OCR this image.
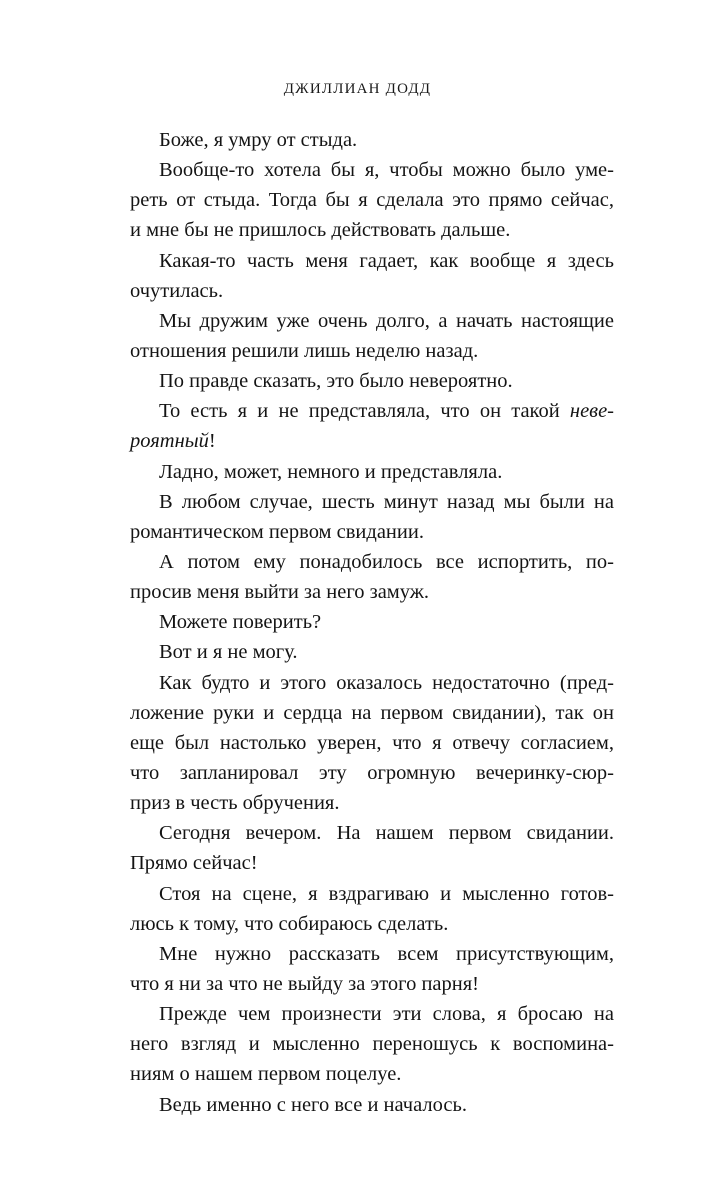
ДЖИЛЛИАН ДОДД
Боже, я умру от стыда.
Вообще-то хотела бы я, чтобы можно было уме-
реть от стыда. Тогда бы я сделала это прямо сейчас,
и мне бы не пришлось действовать дальше.
Какая-то часть меня гадает, как вообще я здесь
очутилась.
Мы дружим уже очень долго, а начать настоящие
отношения решили лишь неделю назад.
По правде сказать, это было невероятно.
То есть я и не представляла, что он такой неве-
роятный!
Ладно, может, немного и представляла.
В любом случае, шесть минут назад мы были на
романтическом первом свидании.
А потом ему понадобилось все испортить, по-
просив меня выйти за него замуж.
Можете поверить?
Вот и я не могу.
Как будто и этого оказалось недостаточно (пред-
ложение руки и сердца на первом свидании), так он
еще был настолько уверен, что я отвечу согласием,
что запланировал эту огромную вечеринку-сюр-
приз в честь обручения.
Сегодня вечером. На нашем первом свидании.
Прямо сейчас!
Стоя на сцене, я вздрагиваю и мысленно готов-
люсь к тому, что собираюсь сделать.
Мне нужно рассказать всем присутствующим,
что я ни за что не выйду за этого парня!
Прежде чем произнести эти слова, я бросаю на
него взгляд и мысленно переношусь к воспомина-
ниям о нашем первом поцелуе.
Ведь именно с него все и началось.
